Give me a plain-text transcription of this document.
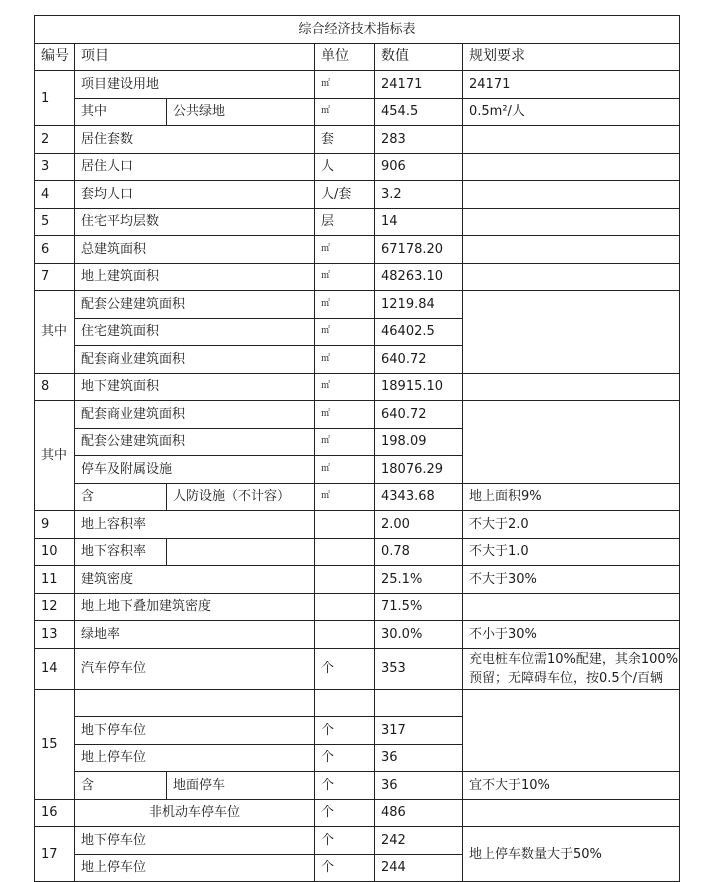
综合经济技术指标表					
编号	项目		单位	数值	规划要求
1	项目建设用地		㎡	24171	24171
	其中	公共绿地	㎡	454.5	0.5m²/人
2	居住套数		套	283	
3	居住人口		人	906	
4	套均人口		人/套	3.2	
5	住宅平均层数		层	14	
6	总建筑面积		㎡	67178.20	
7	地上建筑面积		㎡	48263.10	
其中	配套公建建筑面积		㎡	1219.84	
	住宅建筑面积		㎡	46402.5	
	配套商业建筑面积		㎡	640.72	
8	地下建筑面积		㎡	18915.10	
其中	配套商业建筑面积		㎡	640.72	
	配套公建建筑面积		㎡	198.09	
	停车及附属设施		㎡	18076.29	
	含	人防设施（不计容）	㎡	4343.68	地上面积9%
9	地上容积率			2.00	不大于2.0
10	地下容积率			0.78	不大于1.0
11	建筑密度			25.1%	不大于30%
12	地上地下叠加建筑密度			71.5%	
13	绿地率			30.0%	不小于30%
14	汽车停车位		个	353	充电桩车位需10%配建，其余100%预留；无障碍车位，按0.5个/百辆
15					
	地下停车位		个	317	
	地上停车位		个	36	
	含	地面停车	个	36	宜不大于10%
16	非机动车停车位		个	486	
17	地下停车位		个	242	地上停车数量大于50%
	地上停车位		个	244	
